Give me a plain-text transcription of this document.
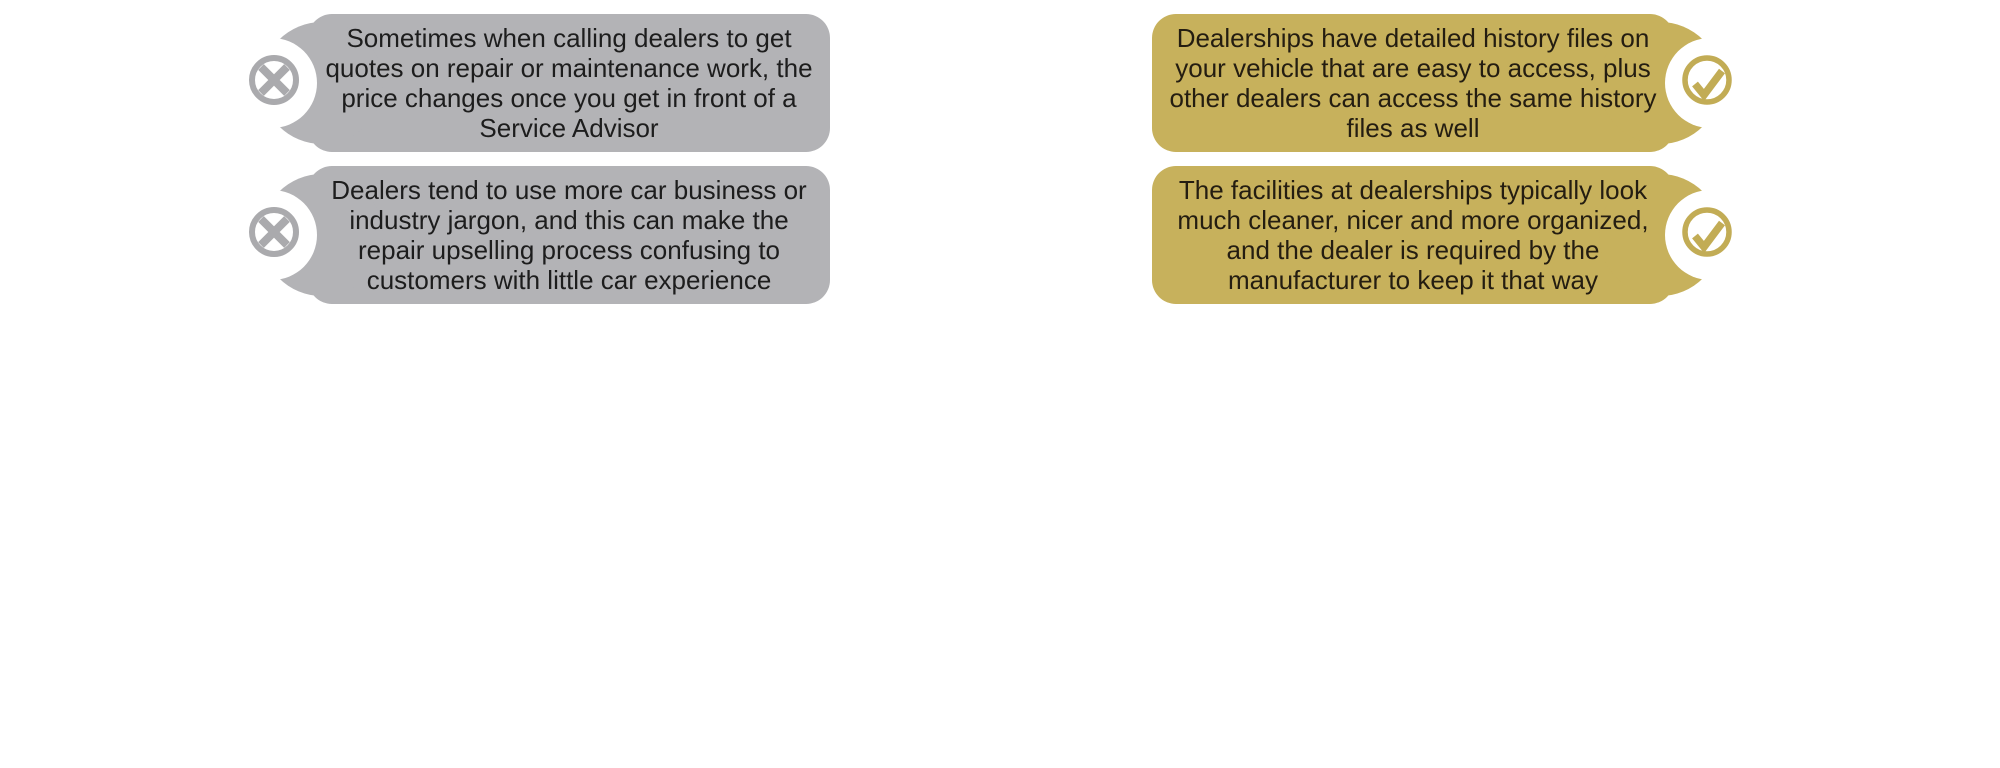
Sometimes when calling dealers to get
quotes on repair or maintenance work, the
price changes once you get in front of a
Service Advisor
Dealers tend to use more car business or
industry jargon, and this can make the
repair upselling process confusing to
customers with little car experience
Dealerships have detailed history files on
your vehicle that are easy to access, plus
other dealers can access the same history
files as well
The facilities at dealerships typically look
much cleaner, nicer and more organized,
and the dealer is required by the
manufacturer to keep it that way
